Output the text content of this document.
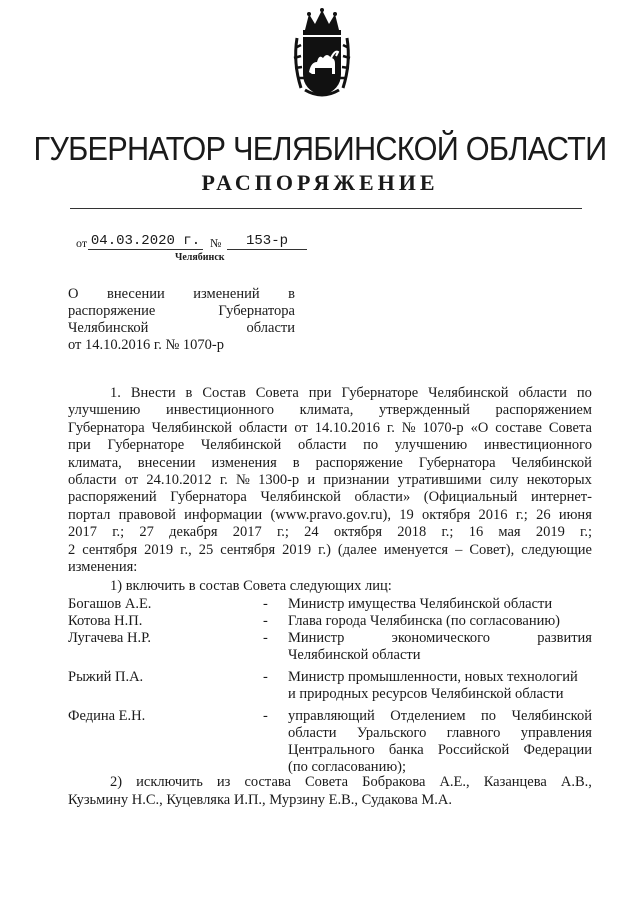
ГУБЕРНАТОР ЧЕЛЯБИНСКОЙ ОБЛАСТИ
РАСПОРЯЖЕНИЕ
от 04.03.2020 г. №	153-р
Челябинск
О внесении изменений в
распоряжение Губернатора
Челябинской области
от 14.10.2016 г. № 1070-р
1. Внести в Состав Совета при Губернаторе Челябинской области по
улучшению инвестиционного климата, утвержденный распоряжением
Губернатора Челябинской области от 14.10.2016 г. № 1070-р «О составе Совета
при Губернаторе Челябинской области по улучшению инвестиционного
климата, внесении изменения в распоряжение Губернатора Челябинской
области от 24.10.2012 г. № 1300-р и признании утратившими силу некоторых
распоряжений Губернатора Челябинской области» (Официальный интернет-
портал правовой информации (www.pravo.gov.ru), 19 октября 2016 г.; 26 июня
2017 г.; 27 декабря 2017 г.; 24 октября 2018 г.; 16 мая 2019 г.;
2 сентября 2019 г., 25 сентября 2019 г.) (далее именуется – Совет), следующие
изменения:
1) включить в состав Совета следующих лиц:
Богашов А.Е.	- Министр имущества Челябинской области
Котова Н.П.	- Глава города Челябинска (по согласованию)
Лугачева Н.Р.	- Министр	экономического	развития
Челябинской области
Рыжий П.А.	- Министр промышленности, новых технологий
и природных ресурсов Челябинской области
Федина Е.Н.	- управляющий Отделением по Челябинской
области Уральского главного управления
Центрального банка Российской Федерации
(по согласованию);
2) исключить из состава Совета Бобракова А.Е., Казанцева А.В.,
Кузьмину Н.С., Куцевляка И.П., Мурзину Е.В., Судакова М.А.
